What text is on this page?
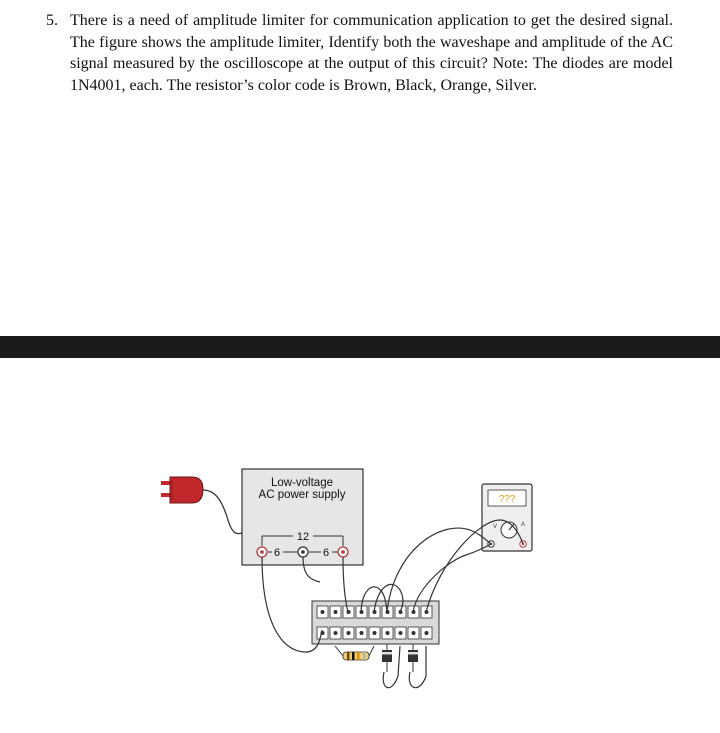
5. There is a need of amplitude limiter for communication application to get the desired signal. The figure shows the amplitude limiter, Identify both the waveshape and amplitude of the AC signal measured by the oscilloscope at the output of this circuit? Note: The diodes are model 1N4001, each. The resistor’s color code is Brown, Black, Orange, Silver.
Low-voltage
AC power supply
12
6	6
???
V	A
